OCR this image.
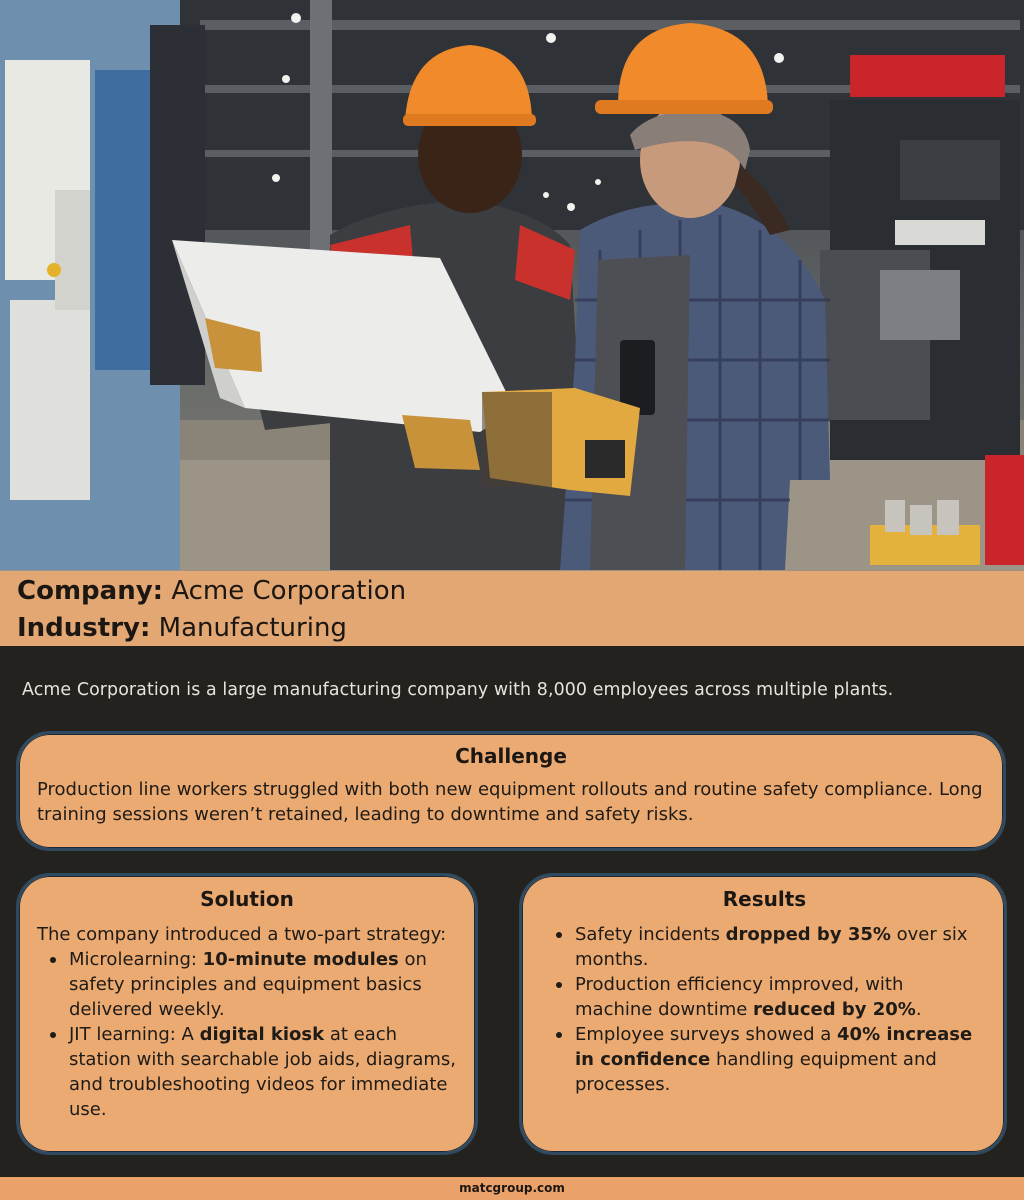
Company: Acme Corporation
Industry: Manufacturing
Acme Corporation is a large manufacturing company with 8,000 employees across multiple plants.
Challenge

Production line workers struggled with both new equipment rollouts and routine safety compliance. Long training sessions weren’t retained, leading to downtime and safety risks.

Solution

The company introduced a two-part strategy:

Microlearning: 10-minute modules on safety principles and equipment basics delivered weekly.
JIT learning: A digital kiosk at each station with searchable job aids, diagrams, and troubleshooting videos for immediate use.
Results
Safety incidents dropped by 35% over six months.
Production efficiency improved, with machine downtime reduced by 20%.
Employee surveys showed a 40% increase in confidence handling equipment and processes.
matcgroup.com
